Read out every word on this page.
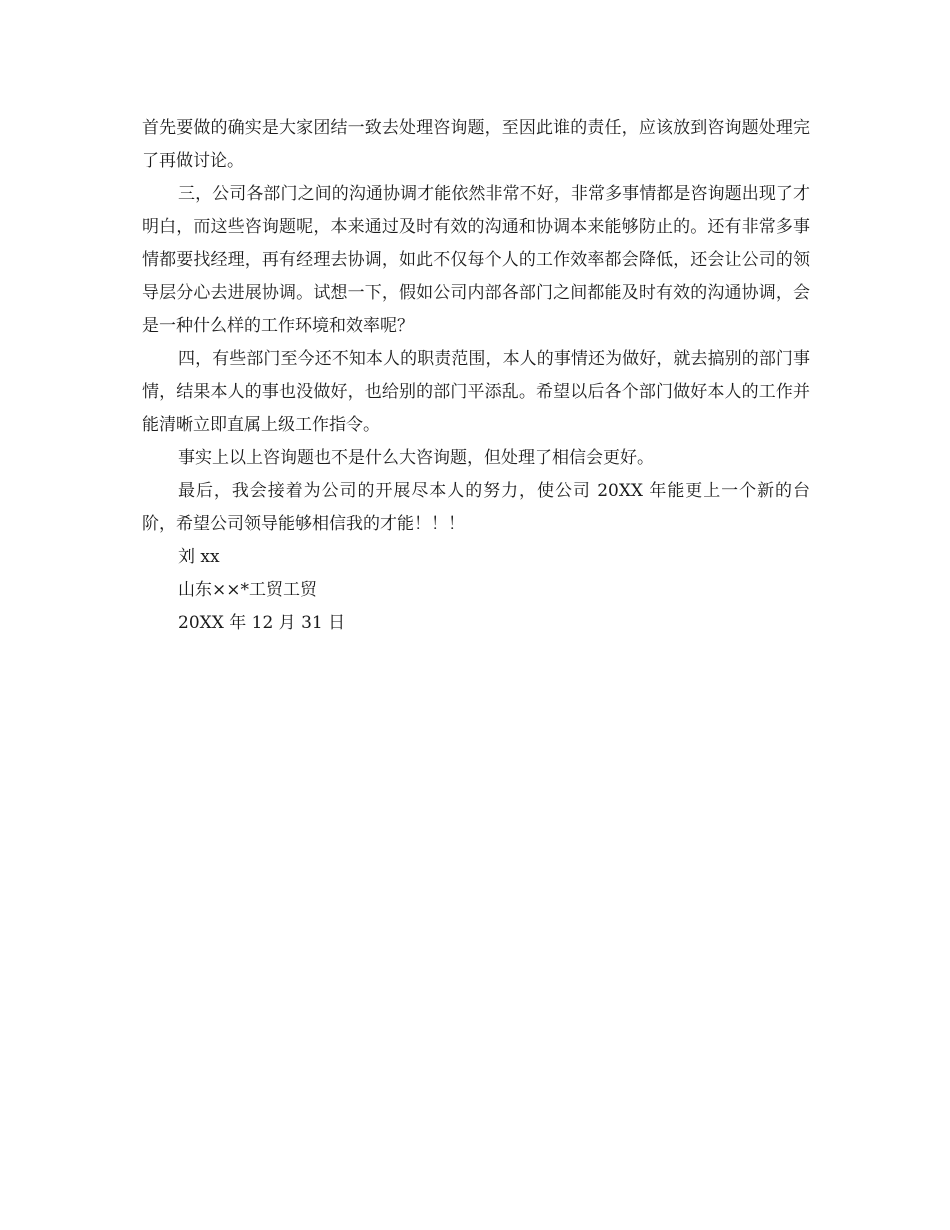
首先要做的确实是大家团结一致去处理咨询题，至因此谁的责任，应该放到咨询题处理完了再做讨论。

三，公司各部门之间的沟通协调才能依然非常不好，非常多事情都是咨询题出现了才明白，而这些咨询题呢，本来通过及时有效的沟通和协调本来能够防止的。还有非常多事情都要找经理，再有经理去协调，如此不仅每个人的工作效率都会降低，还会让公司的领导层分心去进展协调。试想一下，假如公司内部各部门之间都能及时有效的沟通协调，会是一种什么样的工作环境和效率呢？

四，有些部门至今还不知本人的职责范围，本人的事情还为做好，就去搞别的部门事情，结果本人的事也没做好，也给别的部门平添乱。希望以后各个部门做好本人的工作并能清晰立即直属上级工作指令。

事实上以上咨询题也不是什么大咨询题，但处理了相信会更好。

最后，我会接着为公司的开展尽本人的努力，使公司 20XX 年能更上一个新的台阶，希望公司领导能够相信我的才能！！！

刘 xx
山东××*工贸工贸
20XX 年 12 月 31 日
